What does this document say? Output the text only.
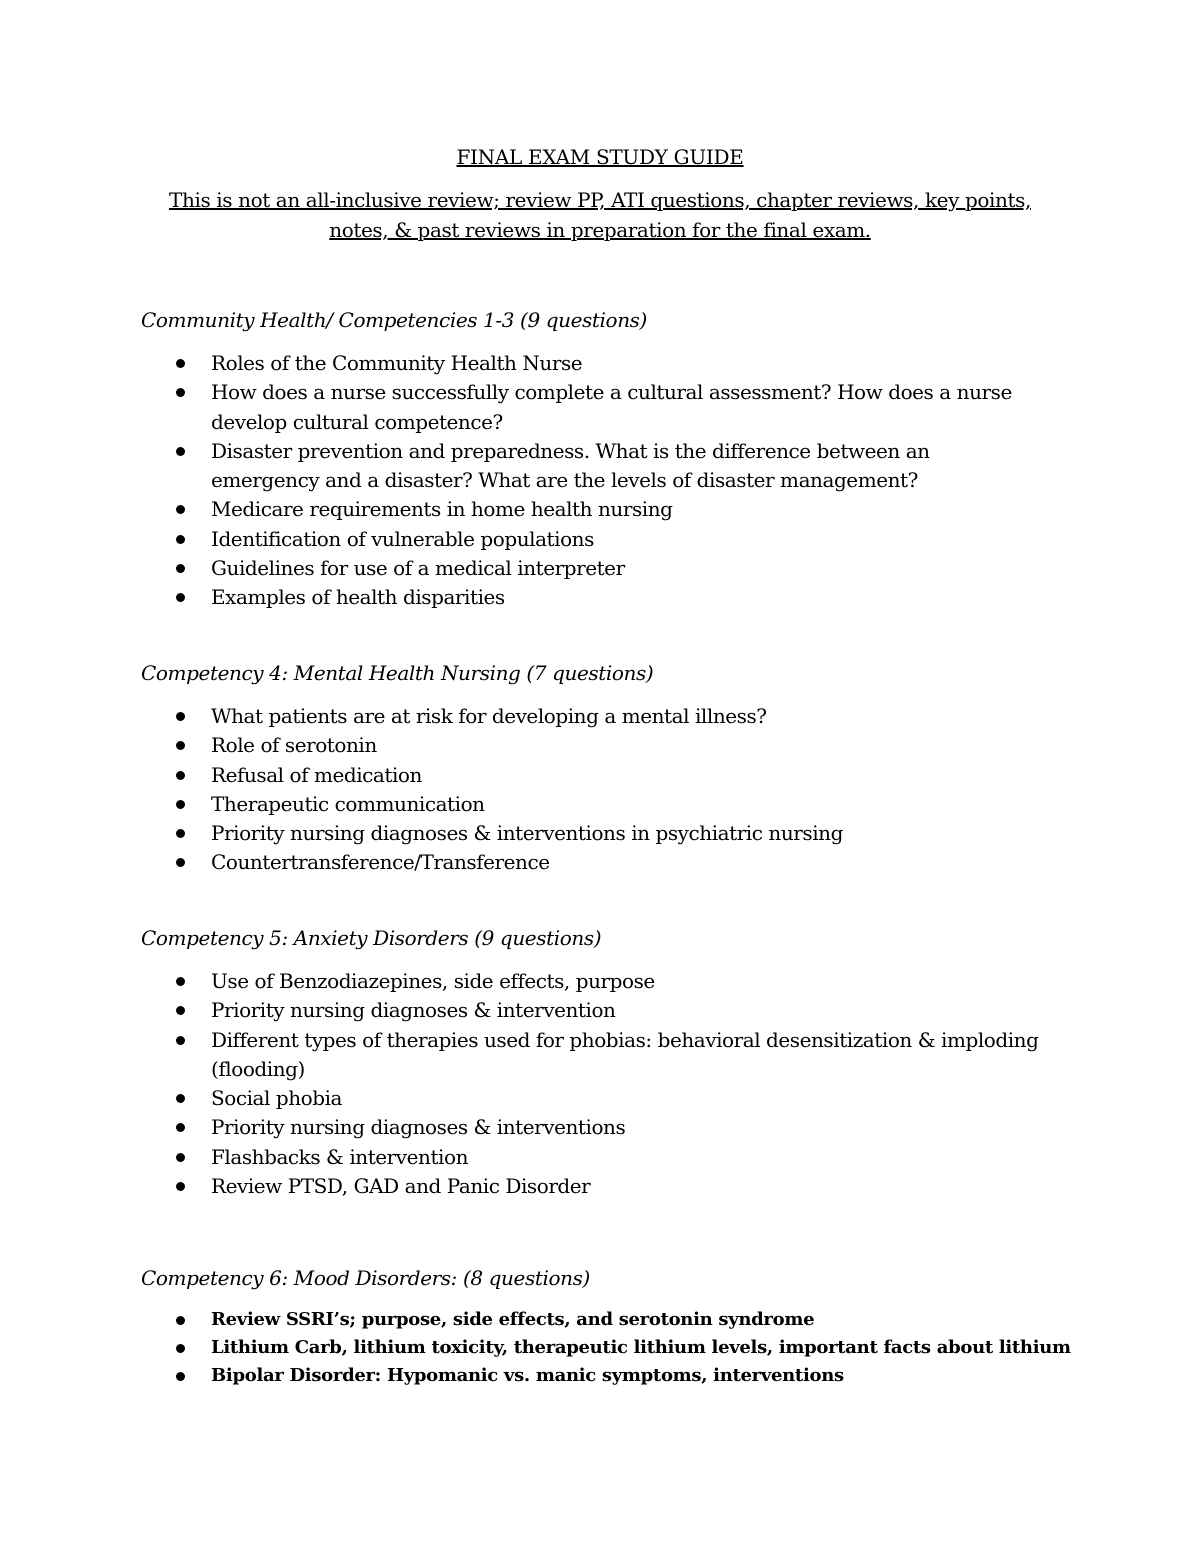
FINAL EXAM STUDY GUIDE
This is not an all-inclusive review; review PP, ATI questions, chapter reviews, key points, notes, & past reviews in preparation for the final exam.
Community Health/ Competencies 1-3 (9 questions)
Roles of the Community Health Nurse
How does a nurse successfully complete a cultural assessment? How does a nurse develop cultural competence?
Disaster prevention and preparedness. What is the difference between an emergency and a disaster? What are the levels of disaster management?
Medicare requirements in home health nursing
Identification of vulnerable populations
Guidelines for use of a medical interpreter
Examples of health disparities
Competency 4: Mental Health Nursing (7 questions)
What patients are at risk for developing a mental illness?
Role of serotonin
Refusal of medication
Therapeutic communication
Priority nursing diagnoses & interventions in psychiatric nursing
Countertransference/Transference
Competency 5: Anxiety Disorders (9 questions)
Use of Benzodiazepines, side effects, purpose
Priority nursing diagnoses & intervention
Different types of therapies used for phobias: behavioral desensitization & imploding (flooding)
Social phobia
Priority nursing diagnoses & interventions
Flashbacks & intervention
Review PTSD, GAD and Panic Disorder
Competency 6: Mood Disorders: (8 questions)
Review SSRI’s; purpose, side effects, and serotonin syndrome
Lithium Carb, lithium toxicity, therapeutic lithium levels, important facts about lithium
Bipolar Disorder: Hypomanic vs. manic symptoms, interventions
